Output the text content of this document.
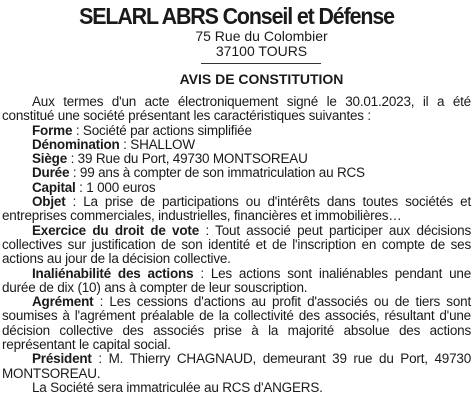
SELARL ABRS Conseil et Défense
75 Rue du Colombier
37100 TOURS
AVIS DE CONSTITUTION

Aux termes d'un acte électroniquement signé le 30.01.2023, il a été constitué une société présentant les caractéristiques suivantes :

Forme : Société par actions simplifiée

Dénomination : SHALLOW

Siège : 39 Rue du Port, 49730 MONTSOREAU

Durée : 99 ans à compter de son immatriculation au RCS

Capital : 1 000 euros

Objet : La prise de participations ou d'intérêts dans toutes sociétés et entreprises commerciales, industrielles, financières et immobilières…

Exercice du droit de vote : Tout associé peut participer aux décisions collectives sur justification de son identité et de l'inscription en compte de ses actions au jour de la décision collective.

Inaliénabilité des actions : Les actions sont inaliénables pendant une durée de dix (10) ans à compter de leur souscription.

Agrément : Les cessions d'actions au profit d'associés ou de tiers sont soumises à l'agrément préalable de la collectivité des associés, résultant d'une décision collective des associés prise à la majorité absolue des actions représentant le capital social.

Président : M. Thierry CHAGNAUD, demeurant 39 rue du Port, 49730 MONTSOREAU.

La Société sera immatriculée au RCS d'ANGERS.
